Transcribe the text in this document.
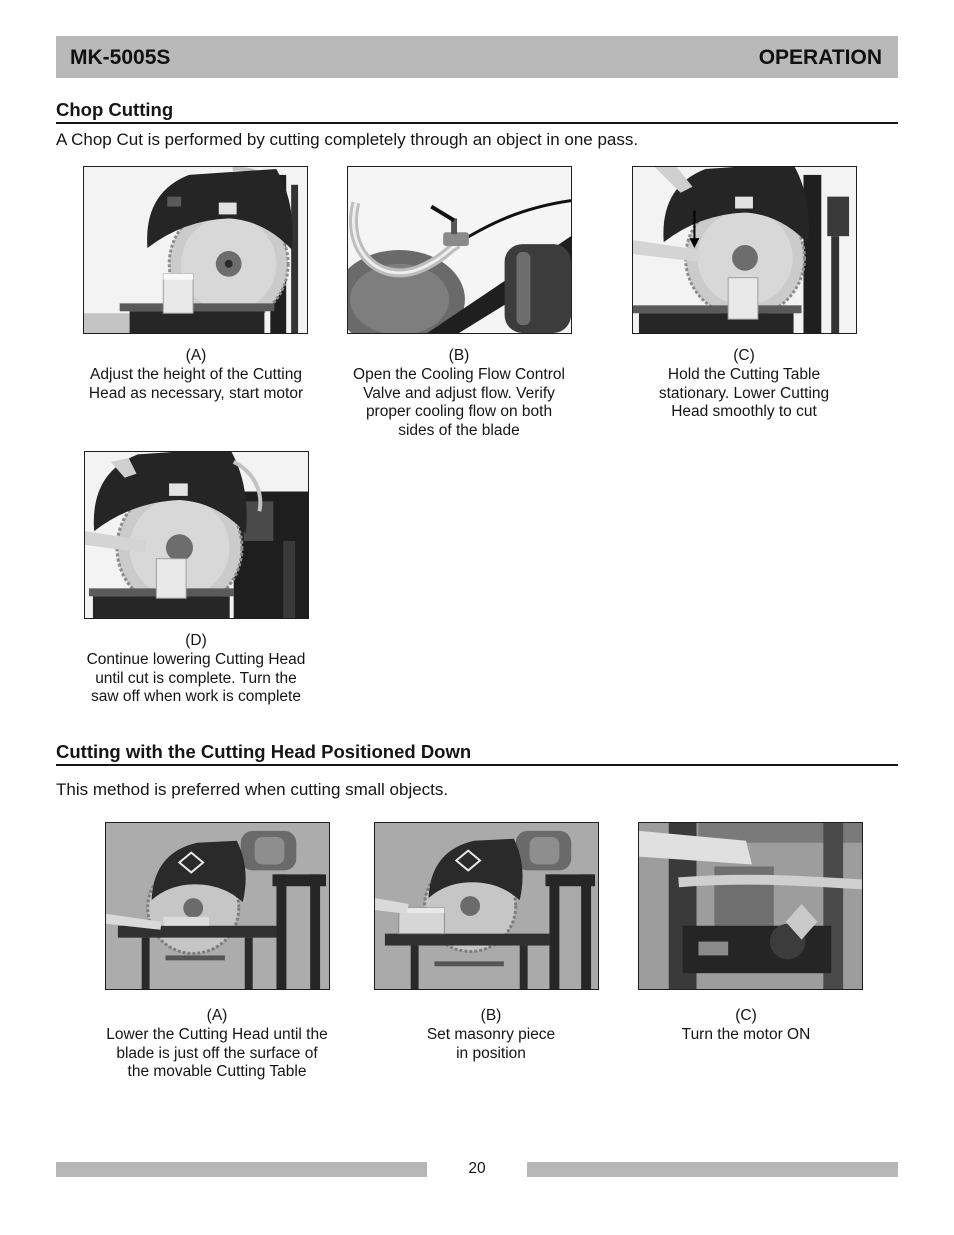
MK-5005S	OPERATION
Chop Cutting
A Chop Cut is performed by cutting completely through an object in one pass.
(A)
Adjust the height of the Cutting
Head as necessary, start motor
(B)
Open the Cooling Flow Control
Valve and adjust flow. Verify
proper cooling flow on both
sides of the blade
(C)
Hold the Cutting Table
stationary. Lower Cutting
Head smoothly to cut
(D)
Continue lowering Cutting Head
until cut is complete. Turn the
saw off when work is complete
Cutting with the Cutting Head Positioned Down
This method is preferred when cutting small objects.
(A)
Lower the Cutting Head until the
blade is just off the surface of
the movable Cutting Table
(B)
Set masonry piece
in position
(C)
Turn the motor ON
20
